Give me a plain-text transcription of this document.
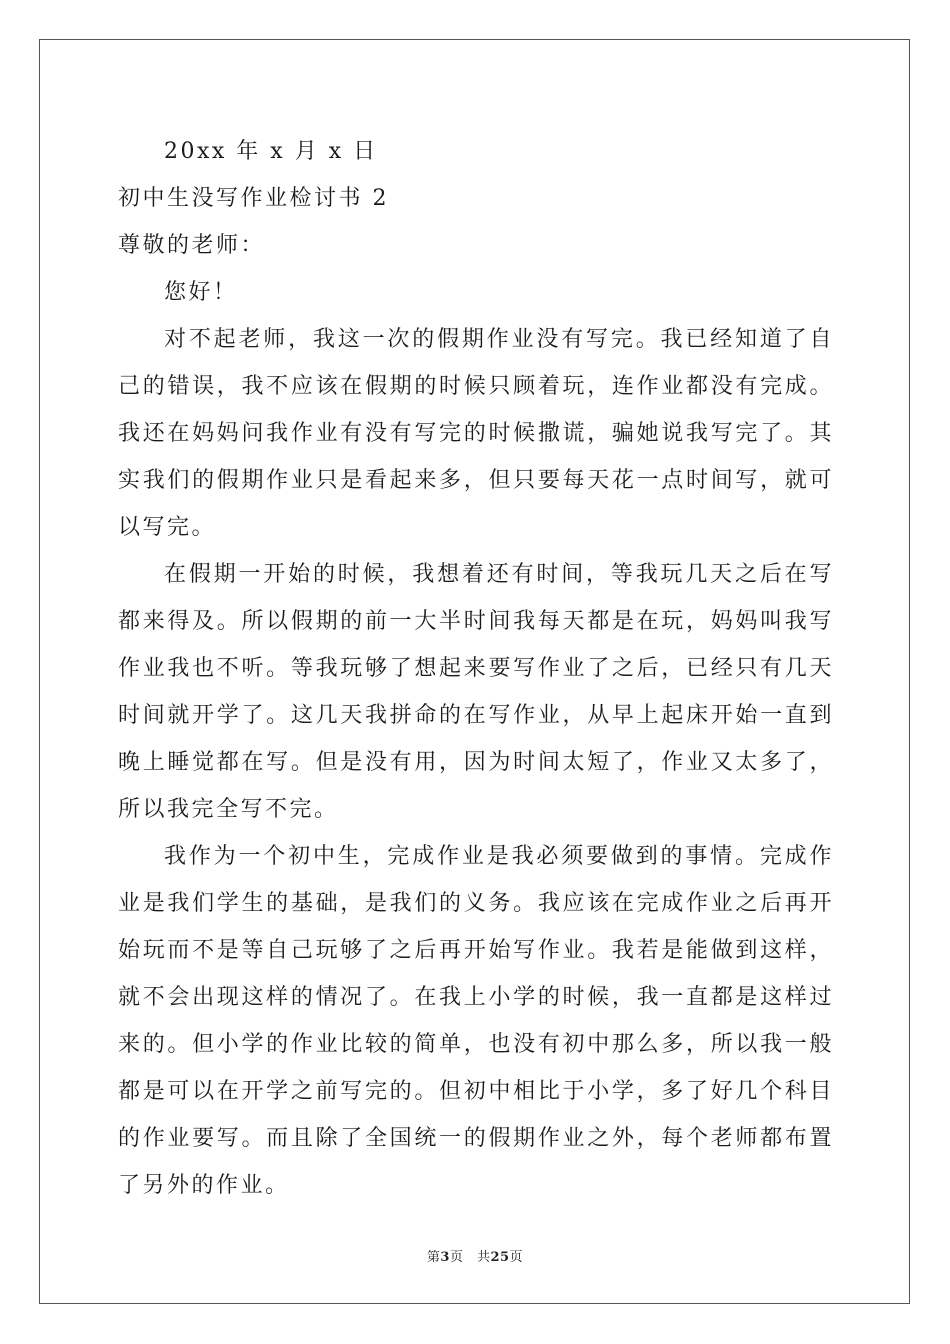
20xx 年 x 月 x 日

初中生没写作业检讨书 2

尊敬的老师：

您好！

对不起老师，我这一次的假期作业没有写完。我已经知道了自己的错误，我不应该在假期的时候只顾着玩，连作业都没有完成。我还在妈妈问我作业有没有写完的时候撒谎，骗她说我写完了。其实我们的假期作业只是看起来多，但只要每天花一点时间写，就可以写完。

在假期一开始的时候，我想着还有时间，等我玩几天之后在写都来得及。所以假期的前一大半时间我每天都是在玩，妈妈叫我写作业我也不听。等我玩够了想起来要写作业了之后，已经只有几天时间就开学了。这几天我拼命的在写作业，从早上起床开始一直到晚上睡觉都在写。但是没有用，因为时间太短了，作业又太多了，所以我完全写不完。

我作为一个初中生，完成作业是我必须要做到的事情。完成作业是我们学生的基础，是我们的义务。我应该在完成作业之后再开始玩而不是等自己玩够了之后再开始写作业。我若是能做到这样，就不会出现这样的情况了。在我上小学的时候，我一直都是这样过来的。但小学的作业比较的简单，也没有初中那么多，所以我一般都是可以在开学之前写完的。但初中相比于小学，多了好几个科目的作业要写。而且除了全国统一的假期作业之外，每个老师都布置了另外的作业。

第3页　共25页
